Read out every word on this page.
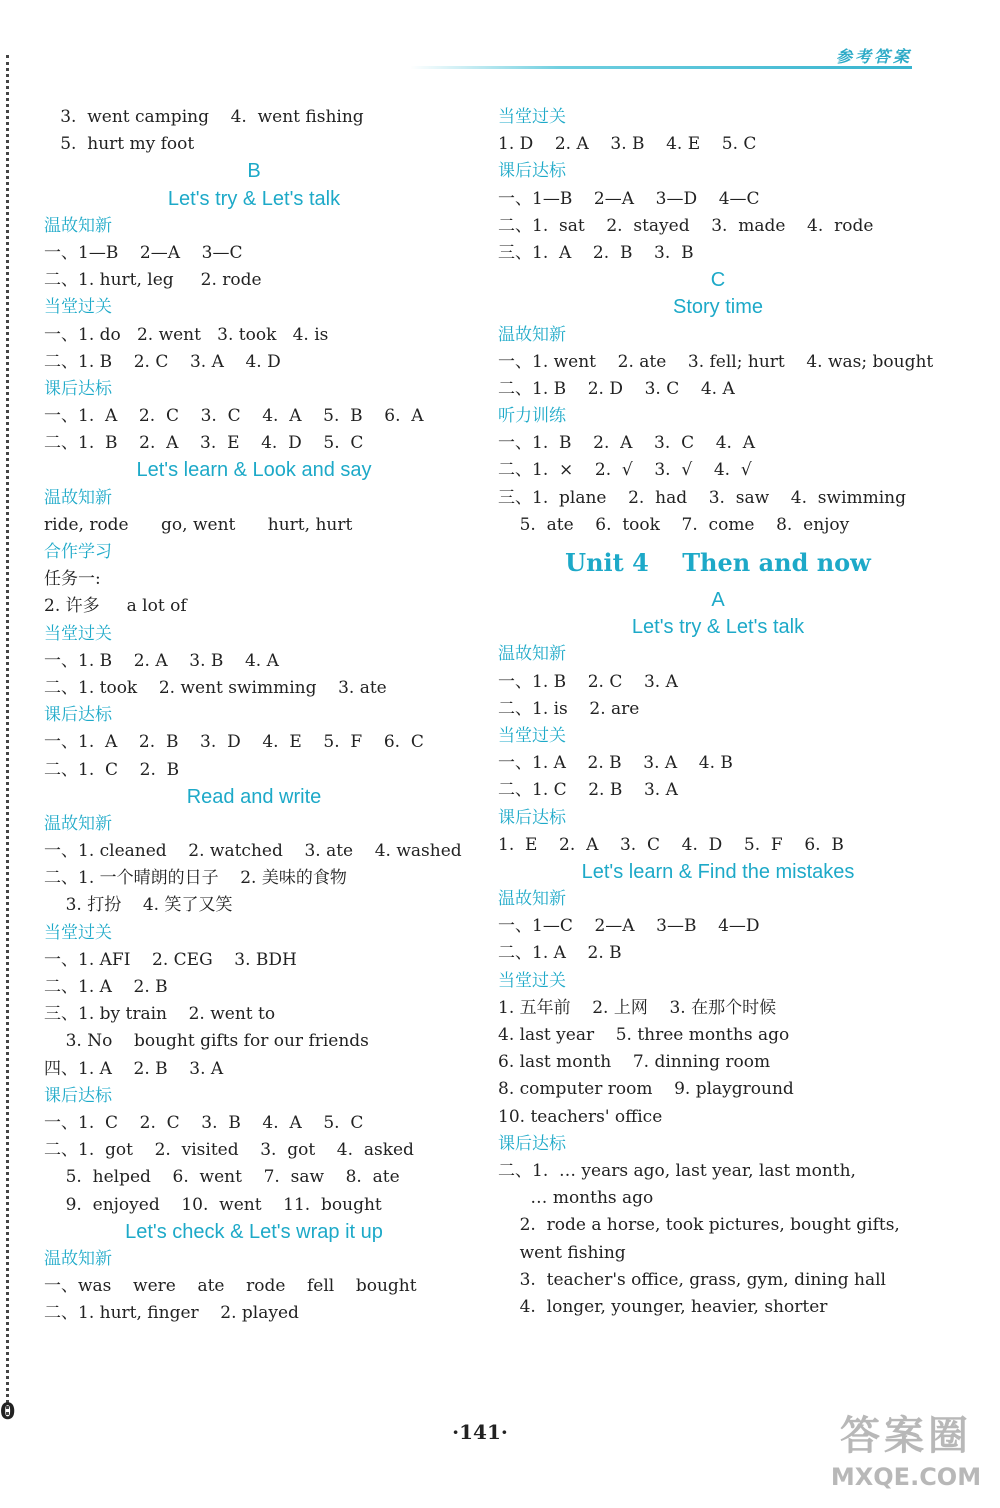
参考答案
3.  went camping    4.  went fishing
5.  hurt my foot
B
Let's try & Let's talk
温故知新
一、1—B    2—A    3—C
二、1. hurt, leg     2. rode
当堂过关
一、1. do   2. went   3. took   4. is
二、1. B    2. C    3. A    4. D
课后达标
一、1.  A    2.  C    3.  C    4.  A    5.  B    6.  A
二、1.  B    2.  A    3.  E    4.  D    5.  C
Let's learn & Look and say
温故知新
ride, rode      go, went      hurt, hurt
合作学习
任务一:
2. 许多     a lot of
当堂过关
一、1. B    2. A    3. B    4. A
二、1. took    2. went swimming    3. ate
课后达标
一、1.  A    2.  B    3.  D    4.  E    5.  F    6.  C
二、1.  C    2.  B
Read and write
温故知新
一、1. cleaned    2. watched    3. ate    4. washed
二、1. 一个晴朗的日子    2. 美味的食物
3. 打扮    4. 笑了又笑
当堂过关
一、1. AFI    2. CEG    3. BDH
二、1. A    2. B
三、1. by train    2. went to
3. No    bought gifts for our friends
四、1. A    2. B    3. A
课后达标
一、1.  C    2.  C    3.  B    4.  A    5.  C
二、1.  got    2.  visited    3.  got    4.  asked
5.  helped    6.  went    7.  saw    8.  ate
9.  enjoyed    10.  went    11.  bought
Let's check & Let's wrap it up
温故知新
一、was    were    ate    rode    fell    bought
二、1. hurt, finger    2. played
当堂过关
1. D    2. A    3. B    4. E    5. C
课后达标
一、1—B    2—A    3—D    4—C
二、1.  sat    2.  stayed    3.  made    4.  rode
三、1.  A    2.  B    3.  B
C
Story time
温故知新
一、1. went    2. ate    3. fell; hurt    4. was; bought
二、1. B    2. D    3. C    4. A
听力训练
一、1.  B    2.  A    3.  C    4.  A
二、1.  ×    2.  √    3.  √    4.  √
三、1.  plane    2.  had    3.  saw    4.  swimming
5.  ate    6.  took    7.  come    8.  enjoy
Unit 4    Then and now
A
Let's try & Let's talk
温故知新
一、1. B    2. C    3. A
二、1. is    2. are
当堂过关
一、1. A    2. B    3. A    4. B
二、1. C    2. B    3. A
课后达标
1.  E    2.  A    3.  C    4.  D    5.  F    6.  B
Let's learn & Find the mistakes
温故知新
一、1—C    2—A    3—B    4—D
二、1. A    2. B
当堂过关
1. 五年前    2. 上网    3. 在那个时候
4. last year    5. three months ago
6. last month    7. dinning room
8. computer room    9. playground
10. teachers' office
课后达标
二、1.  … years ago, last year, last month,
… months ago
2.  rode a horse, took pictures, bought gifts,
went fishing
3.  teacher's office, grass, gym, dining hall
4.  longer, younger, heavier, shorter
0
·141·	答案圈
MXQE.COM
